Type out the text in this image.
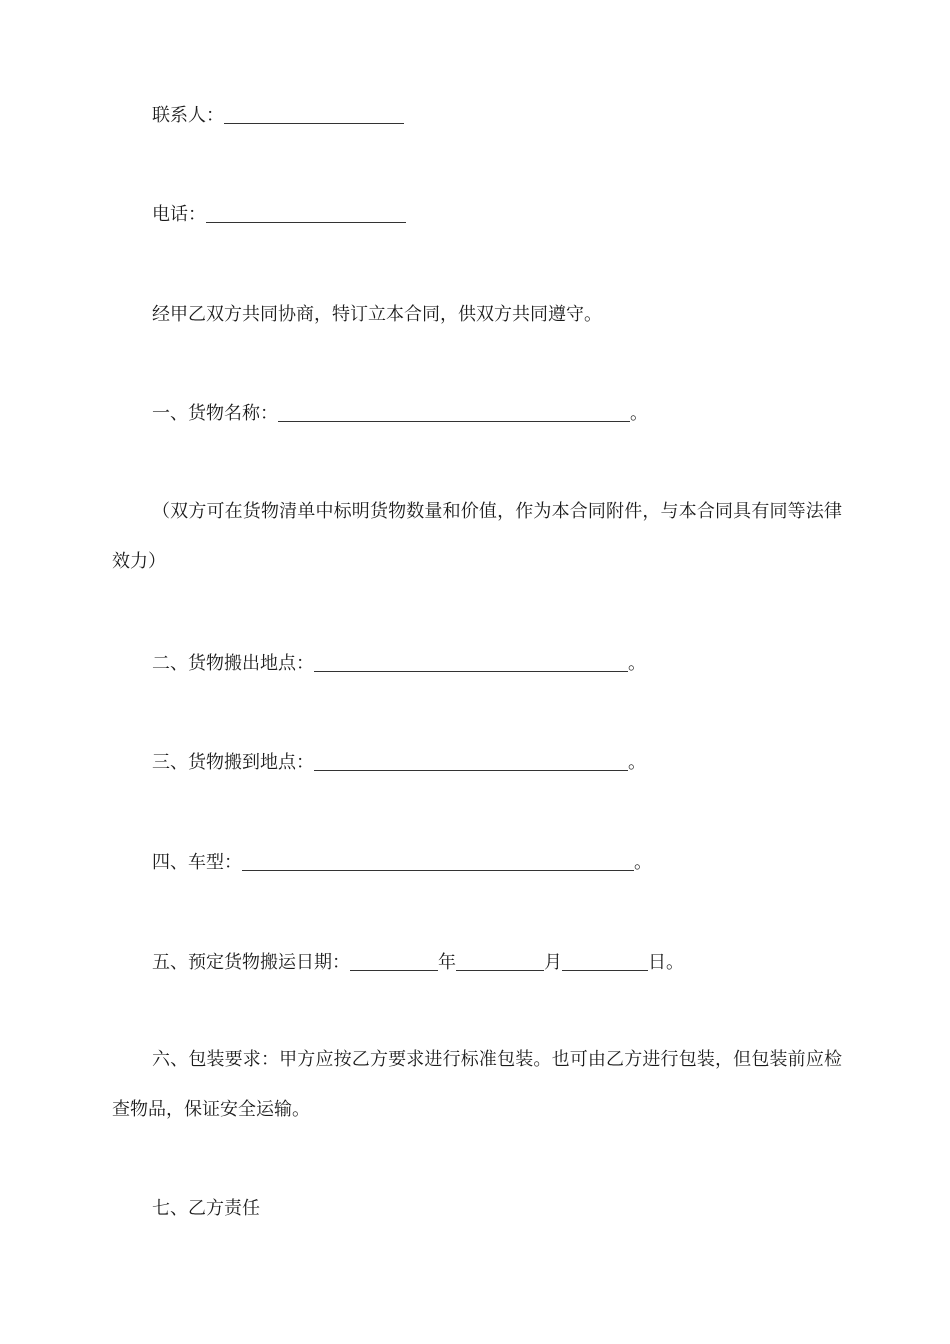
联系人：
电话：
经甲乙双方共同协商，特订立本合同，供双方共同遵守。
一、货物名称：	。
（双方可在货物清单中标明货物数量和价值，作为本合同附件，与本合同具有同等法律效力）
二、货物搬出地点：	。
三、货物搬到地点：	。
四、车型：	。
五、预定货物搬运日期：	年	月	日。
六、包装要求：甲方应按乙方要求进行标准包装。也可由乙方进行包装，但包装前应检查物品，保证安全运输。
七、乙方责任
